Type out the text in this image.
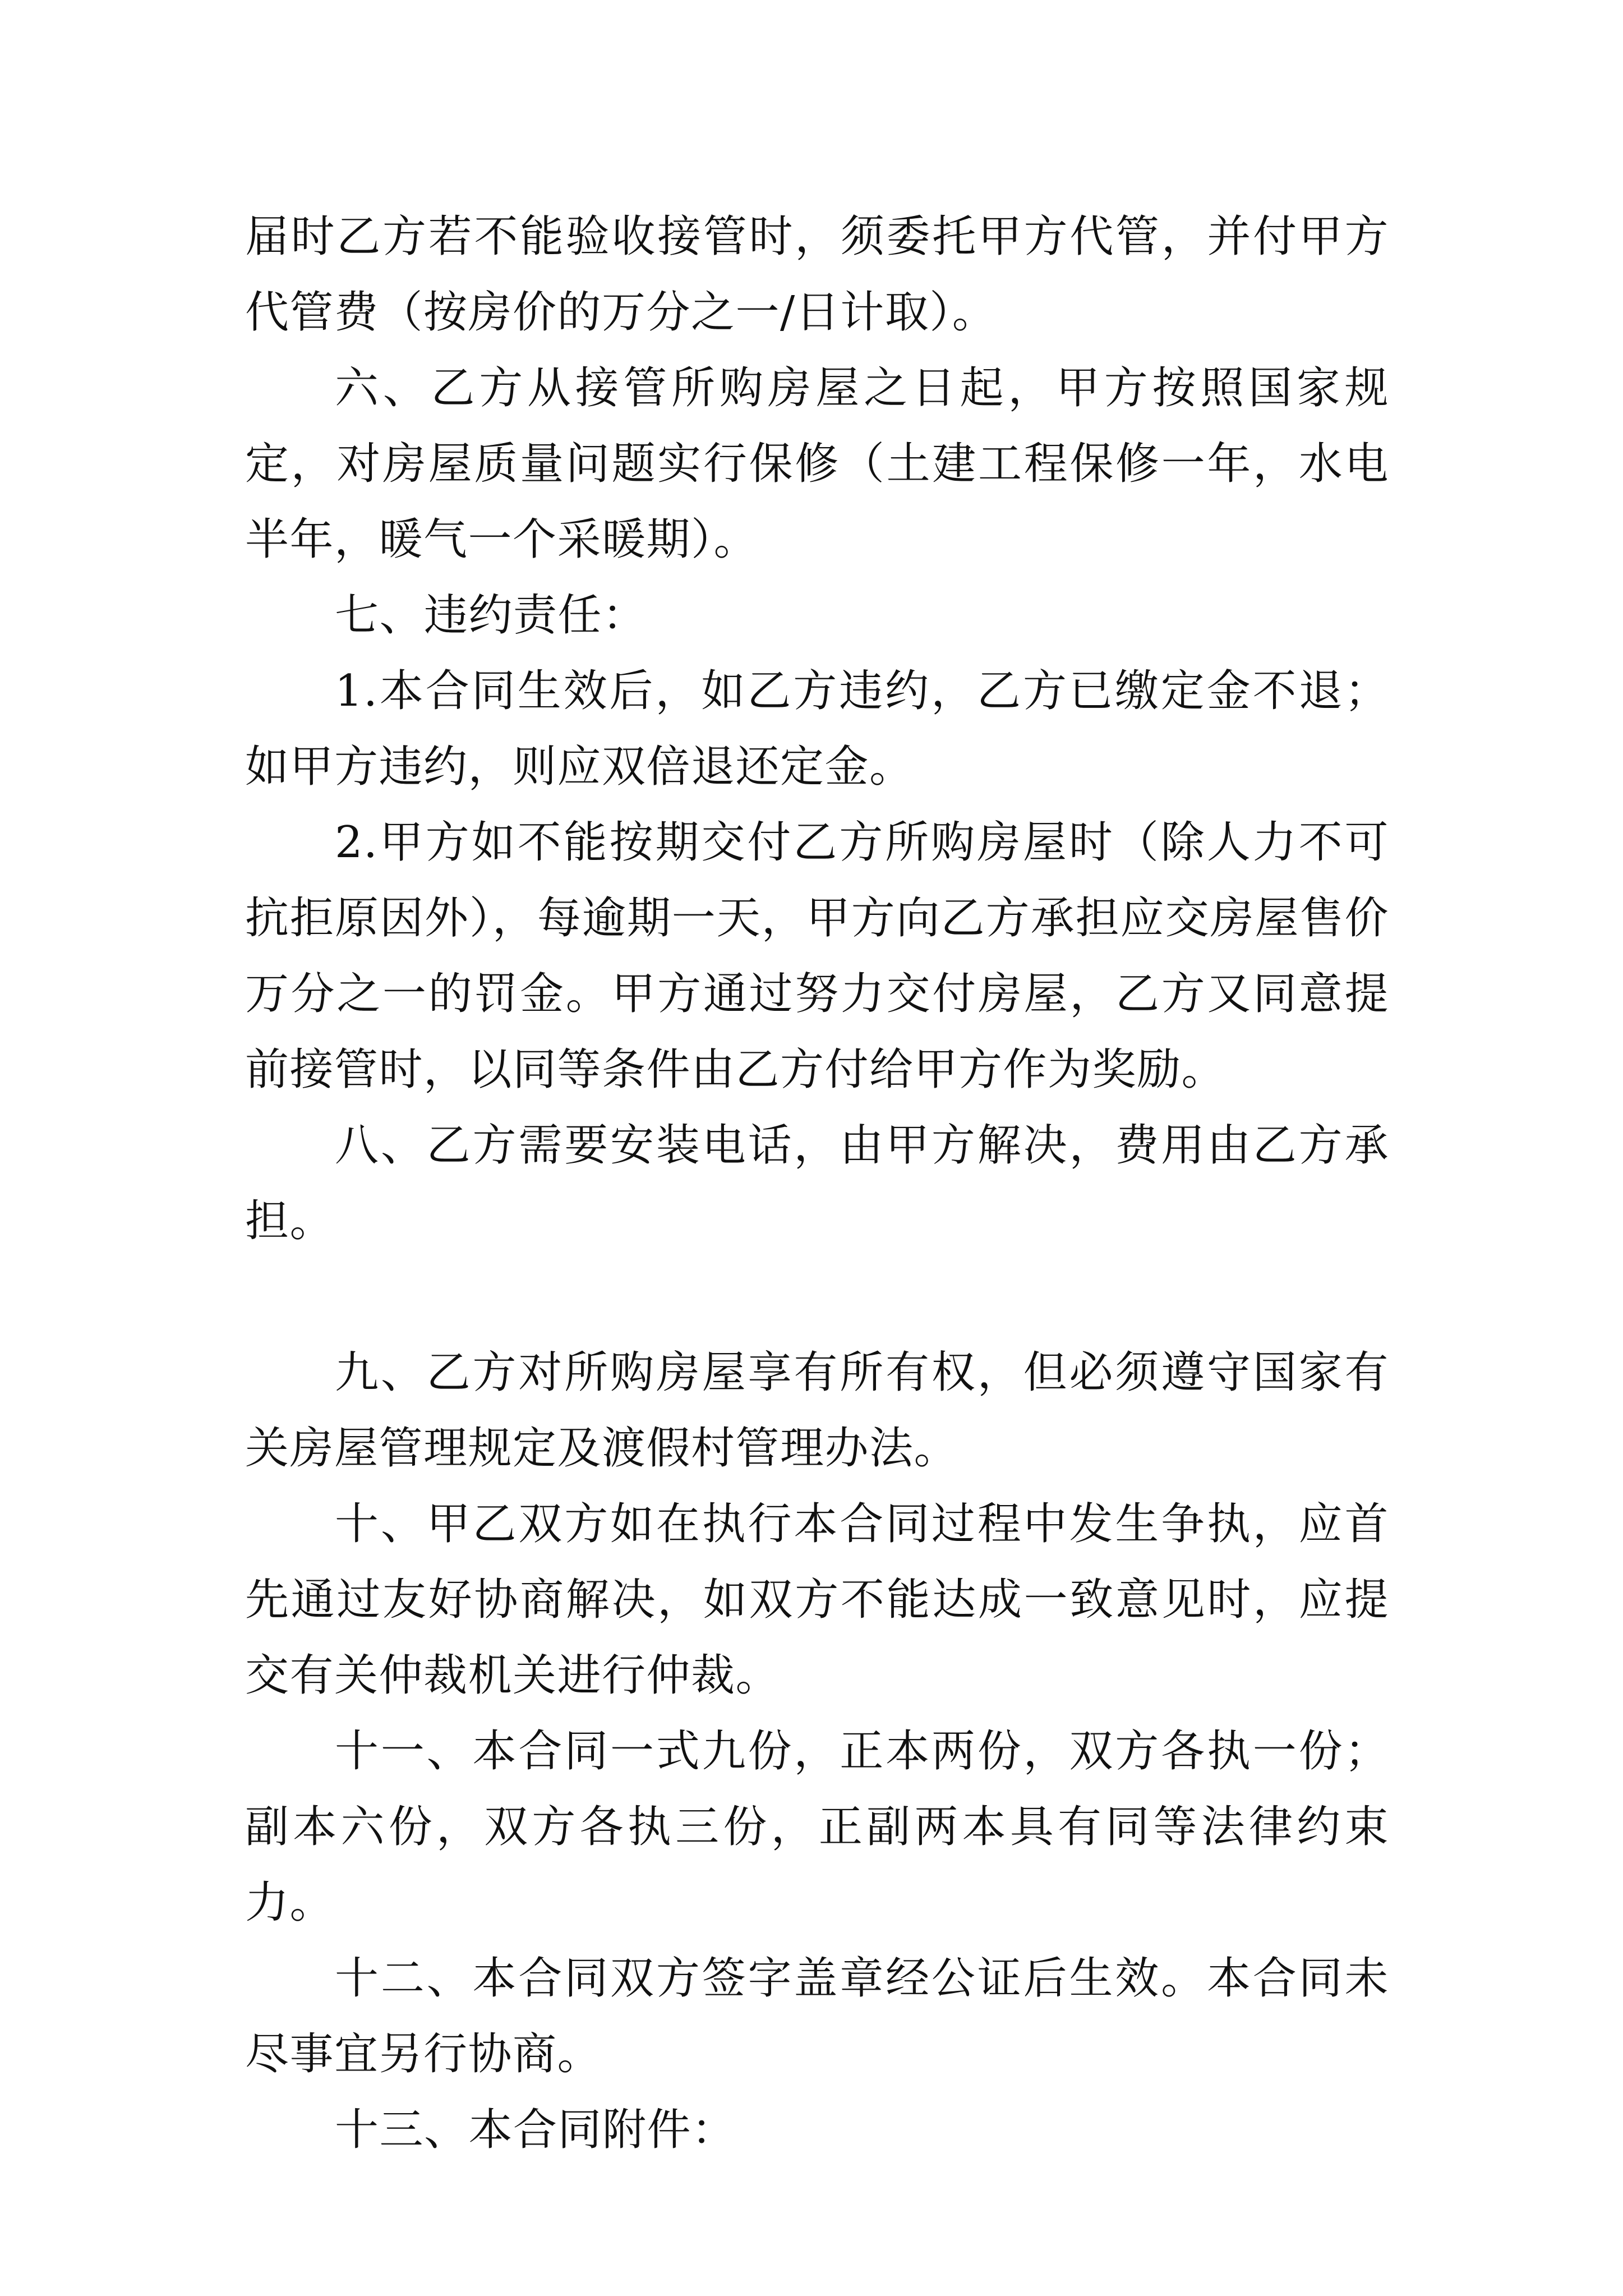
届时乙方若不能验收接管时，须委托甲方代管，并付甲方代管费（按房价的万分之一/日计取）。

六、乙方从接管所购房屋之日起，甲方按照国家规定，对房屋质量问题实行保修（土建工程保修一年，水电半年，暖气一个采暖期）。

七、违约责任：

1.本合同生效后，如乙方违约，乙方已缴定金不退；如甲方违约，则应双倍退还定金。

2.甲方如不能按期交付乙方所购房屋时（除人力不可抗拒原因外），每逾期一天，甲方向乙方承担应交房屋售价万分之一的罚金。甲方通过努力交付房屋，乙方又同意提前接管时，以同等条件由乙方付给甲方作为奖励。

八、乙方需要安装电话，由甲方解决，费用由乙方承担。

九、乙方对所购房屋享有所有权，但必须遵守国家有关房屋管理规定及渡假村管理办法。

十、甲乙双方如在执行本合同过程中发生争执，应首先通过友好协商解决，如双方不能达成一致意见时，应提交有关仲裁机关进行仲裁。

十一、本合同一式九份，正本两份，双方各执一份；副本六份，双方各执三份，正副两本具有同等法律约束力。

十二、本合同双方签字盖章经公证后生效。本合同未尽事宜另行协商。

十三、本合同附件：
